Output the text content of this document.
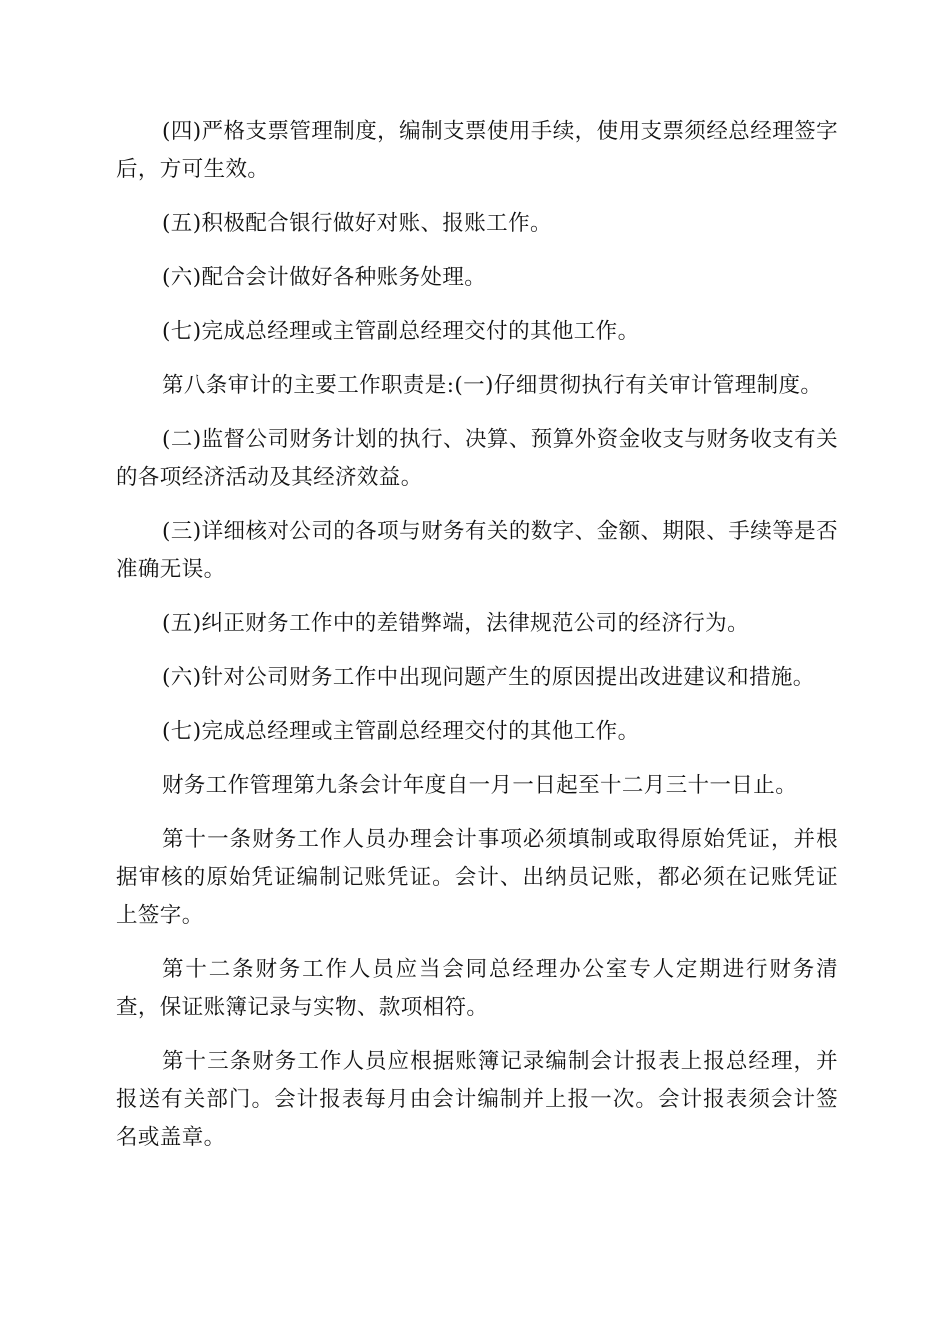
(四)严格支票管理制度，编制支票使用手续，使用支票须经总经理签字后，方可生效。

(五)积极配合银行做好对账、报账工作。

(六)配合会计做好各种账务处理。

(七)完成总经理或主管副总经理交付的其他工作。

第八条审计的主要工作职责是:(一)仔细贯彻执行有关审计管理制度。

(二)监督公司财务计划的执行、决算、预算外资金收支与财务收支有关的各项经济活动及其经济效益。

(三)详细核对公司的各项与财务有关的数字、金额、期限、手续等是否准确无误。

(五)纠正财务工作中的差错弊端，法律规范公司的经济行为。

(六)针对公司财务工作中出现问题产生的原因提出改进建议和措施。

(七)完成总经理或主管副总经理交付的其他工作。

财务工作管理第九条会计年度自一月一日起至十二月三十一日止。

第十一条财务工作人员办理会计事项必须填制或取得原始凭证，并根据审核的原始凭证编制记账凭证。会计、出纳员记账，都必须在记账凭证上签字。

第十二条财务工作人员应当会同总经理办公室专人定期进行财务清查，保证账簿记录与实物、款项相符。

第十三条财务工作人员应根据账簿记录编制会计报表上报总经理，并报送有关部门。会计报表每月由会计编制并上报一次。会计报表须会计签名或盖章。
